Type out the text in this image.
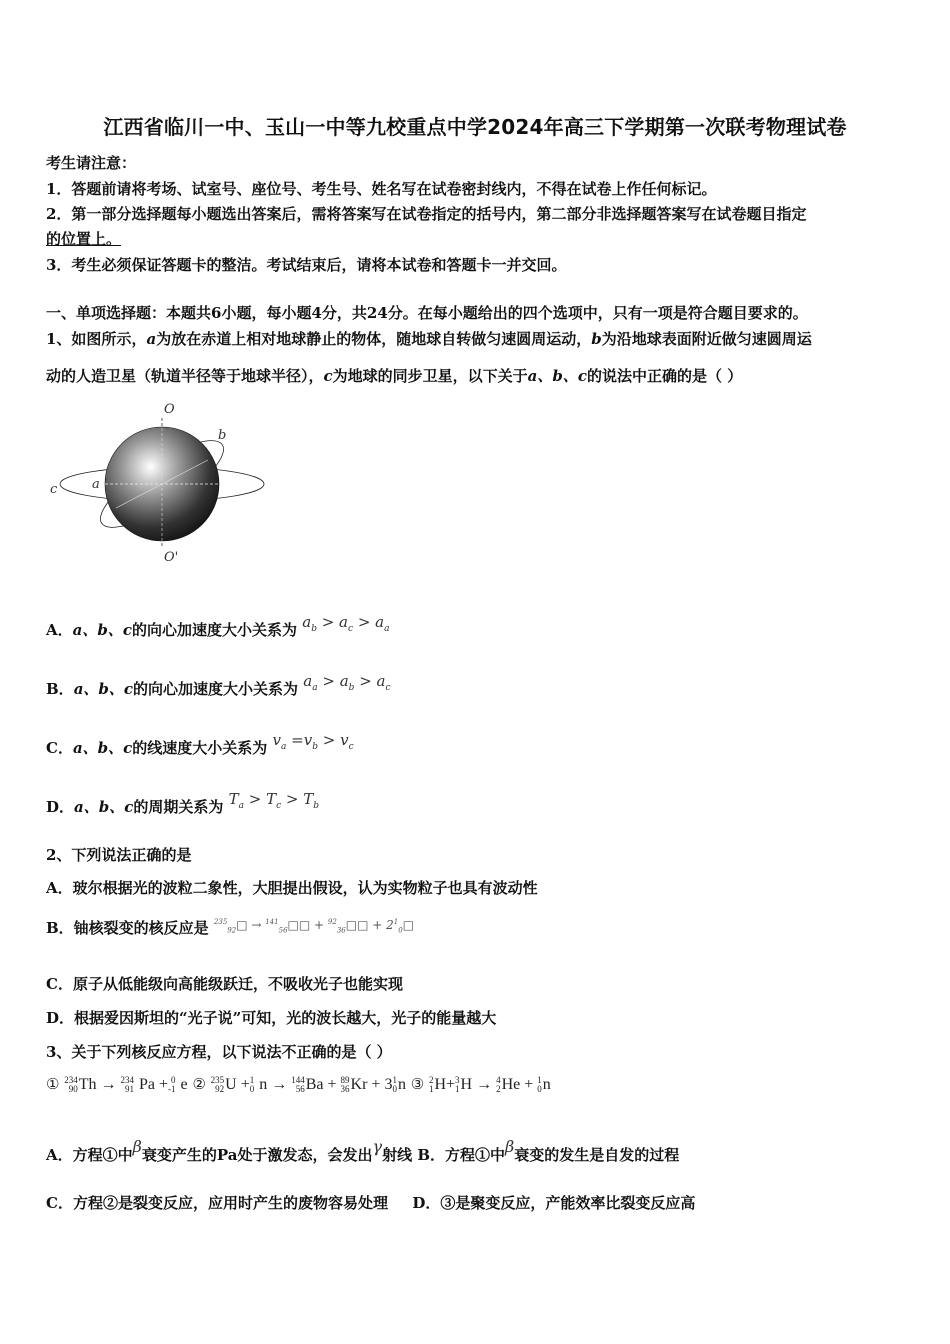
江西省临川一中、玉山一中等九校重点中学2024年高三下学期第一次联考物理试卷
考生请注意：
1．答题前请将考场、试室号、座位号、考生号、姓名写在试卷密封线内，不得在试卷上作任何标记。
2．第一部分选择题每小题选出答案后，需将答案写在试卷指定的括号内，第二部分非选择题答案写在试卷题目指定
的位置上。
3．考生必须保证答题卡的整洁。考试结束后，请将本试卷和答题卡一并交回。
一、单项选择题：本题共6小题，每小题4分，共24分。在每小题给出的四个选项中，只有一项是符合题目要求的。
1、如图所示，a为放在赤道上相对地球静止的物体，随地球自转做匀速圆周运动，b为沿地球表面附近做匀速圆周运
动的人造卫星（轨道半径等于地球半径），c为地球的同步卫星，以下关于a、b、c的说法中正确的是（ ）
O
O'
a
b
c
A．a、b、c的向心加速度大小关系为 $a_b > a_c > a_a$
B．a、b、c的向心加速度大小关系为 $a_a > a_b > a_c$
C．a、b、c的线速度大小关系为 $v_a =v_b > v_c$
D．a、b、c的周期关系为 $T_a > T_c > T_b$
2、下列说法正确的是
A．玻尔根据光的波粒二象性，大胆提出假设，认为实物粒子也具有波动性
B．铀核裂变的核反应是 $^{^{235}_{92}□ \to ^{141}_{56}□□ + ^{92}_{36}□□ + 2^1_0□}$
C．原子从低能级向高能级跃迁，不吸收光子也能实现
D．根据爱因斯坦的“光子说”可知，光的波长越大，光子的能量越大
3、关于下列核反应方程，以下说法不正确的是（ ）
① 234
90 Th → 234
91 Pa + 0
-1 e ② 235
92 U + 1
0 n → 144
56 Ba + 89
36 Kr + 3 1
0 n ③ 2
1 H+ 3
1 H → 4
2 He + 1
0 n
A．方程①中β衰变产生的Pa处于激发态，会发出γ射线 B．方程①中β衰变的发生是自发的过程
C．方程②是裂变反应，应用时产生的废物容易处理 D．③是聚变反应，产能效率比裂变反应高
